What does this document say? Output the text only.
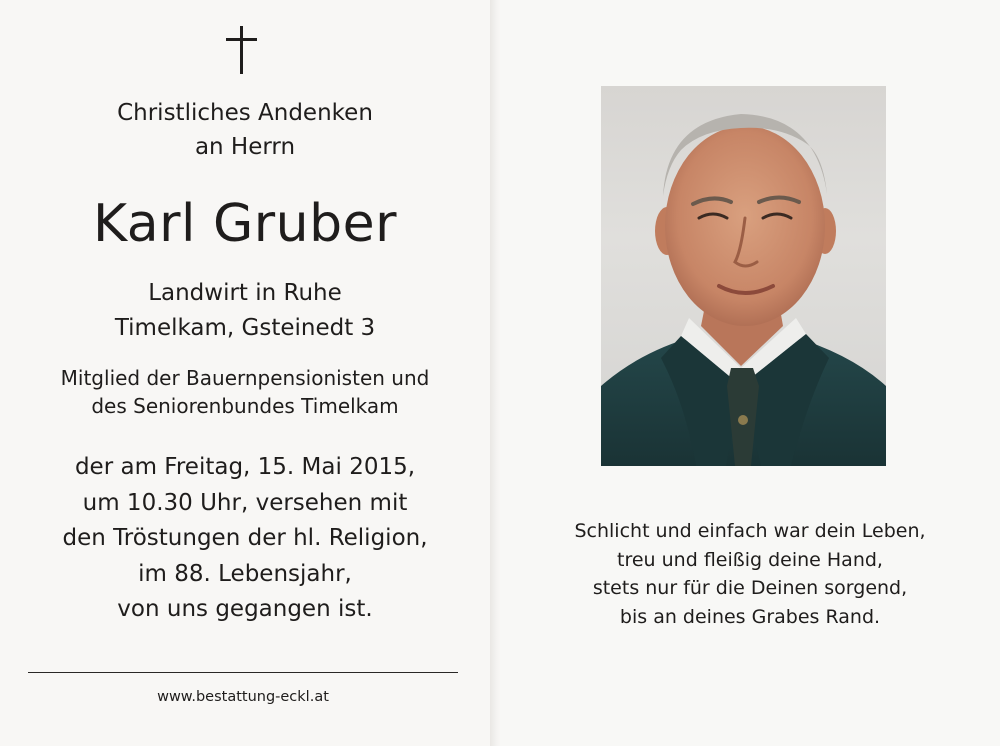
Christliches Andenken
an Herrn
Karl Gruber
Landwirt in Ruhe
Timelkam, Gsteinedt 3
Mitglied der Bauernpensionisten und
des Seniorenbundes Timelkam
der am Freitag, 15. Mai 2015,
um 10.30 Uhr, versehen mit
den Tröstungen der hl. Religion,
im 88. Lebensjahr,
von uns gegangen ist.
www.bestattung-eckl.at
Schlicht und einfach war dein Leben,
treu und fleißig deine Hand,
stets nur für die Deinen sorgend,
bis an deines Grabes Rand.
